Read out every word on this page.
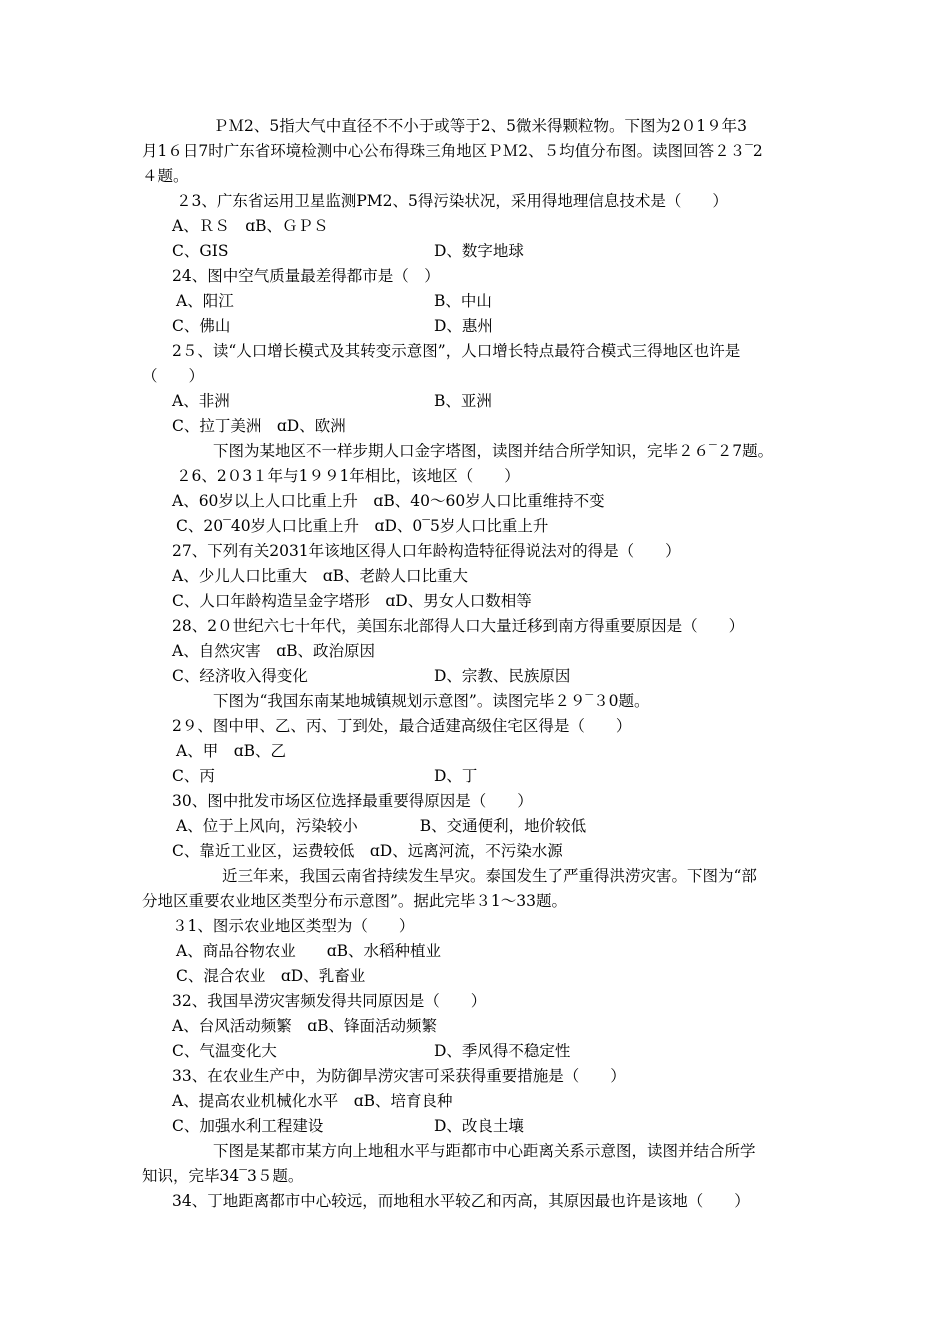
ＰＭ2、5指大气中直径不不小于或等于2、5微米得颗粒物。下图为2０1９年3
月1６日7时广东省环境检测中心公布得珠三角地区ＰＭ2、５均值分布图。读图回答２３‾2
４题。
２3、广东省运用卫星监测PM2、5得污染状况，采用得地理信息技术是（　　）
A、ＲＳ　ɑB、ＧＰＳ
C、GIS	D、数字地球
24、图中空气质量最差得都市是（　）
A、阳江	B、中山
C、佛山	D、惠州
2５、读“人口增长模式及其转变示意图”，人口增长特点最符合模式三得地区也许是
（　　）
A、非洲	B、亚洲
C、拉丁美洲　ɑD、欧洲
下图为某地区不一样步期人口金字塔图，读图并结合所学知识，完毕２６‾２7题。
２6、2０3１年与1９９1年相比，该地区（　　）
A、60岁以上人口比重上升　ɑB、40～60岁人口比重维持不变
C、20‾40岁人口比重上升　ɑD、0‾5岁人口比重上升
27、下列有关2031年该地区得人口年龄构造特征得说法对的得是（　　）
A、少儿人口比重大　ɑB、老龄人口比重大
C、人口年龄构造呈金字塔形　ɑD、男女人口数相等
28、2０世纪六七十年代，美国东北部得人口大量迁移到南方得重要原因是（　　）
A、自然灾害　ɑB、政治原因
C、经济收入得变化	D、宗教、民族原因
下图为“我国东南某地城镇规划示意图”。读图完毕２９‾３0题。
2９、图中甲、乙、丙、丁到处，最合适建高级住宅区得是（　　）
A、甲　ɑB、乙
C、丙	D、丁
30、图中批发市场区位选择最重要得原因是（　　）
A、位于上风向，污染较小　　　　B、交通便利，地价较低
C、靠近工业区，运费较低　ɑD、远离河流，不污染水源
近三年来，我国云南省持续发生旱灾。泰国发生了严重得洪涝灾害。下图为“部
分地区重要农业地区类型分布示意图”。据此完毕３1～33题。
３1、图示农业地区类型为（　　）
A、商品谷物农业　　ɑB、水稻种植业
C、混合农业　ɑD、乳畜业
32、我国旱涝灾害频发得共同原因是（　　）
A、台风活动频繁　ɑB、锋面活动频繁
C、气温变化大	D、季风得不稳定性
33、在农业生产中，为防御旱涝灾害可采获得重要措施是（　　）
A、提高农业机械化水平　ɑB、培育良种
C、加强水利工程建设	D、改良土壤
下图是某都市某方向上地租水平与距都市中心距离关系示意图，读图并结合所学
知识，完毕34‾3５题。
34、丁地距离都市中心较远，而地租水平较乙和丙高，其原因最也许是该地（　　）
